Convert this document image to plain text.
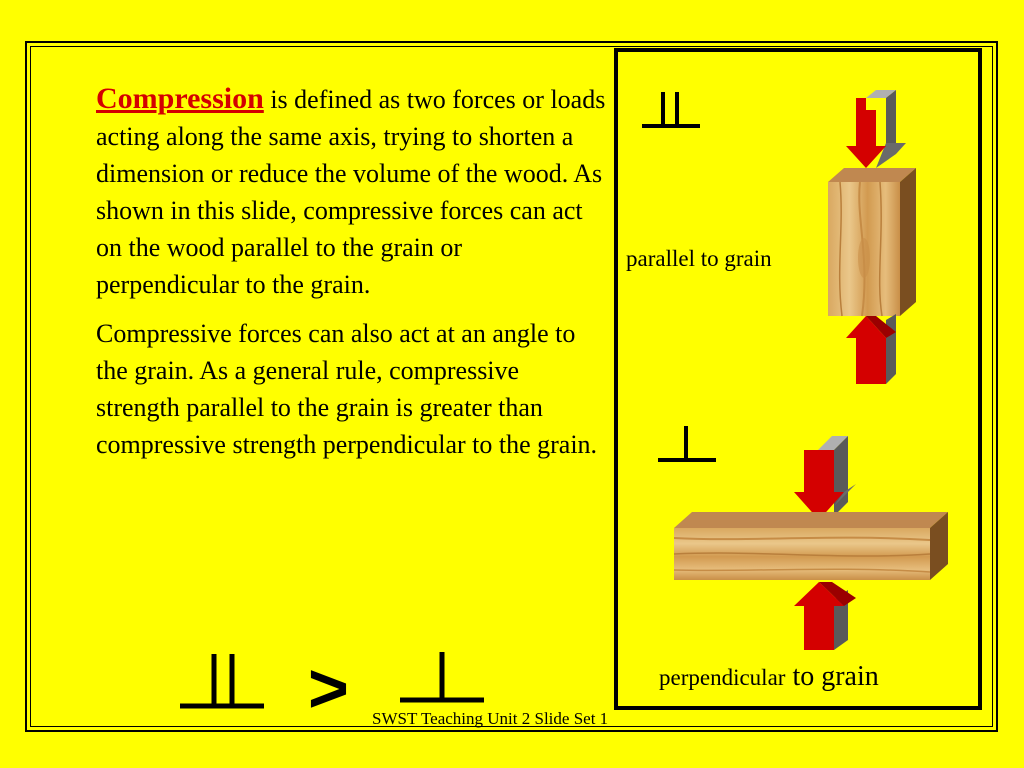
Compression is defined as two forces or loads acting along the same axis, trying to shorten a dimension or reduce the volume of the wood. As shown in this slide, compressive forces can act on the wood parallel to the grain or perpendicular to the grain.

Compressive forces can also act at an angle to the grain. As a general rule, compressive strength parallel to the grain is greater than compressive strength perpendicular to the grain.

>
parallel to grain
perpendicular to grain
SWST Teaching Unit 2 Slide Set 1
